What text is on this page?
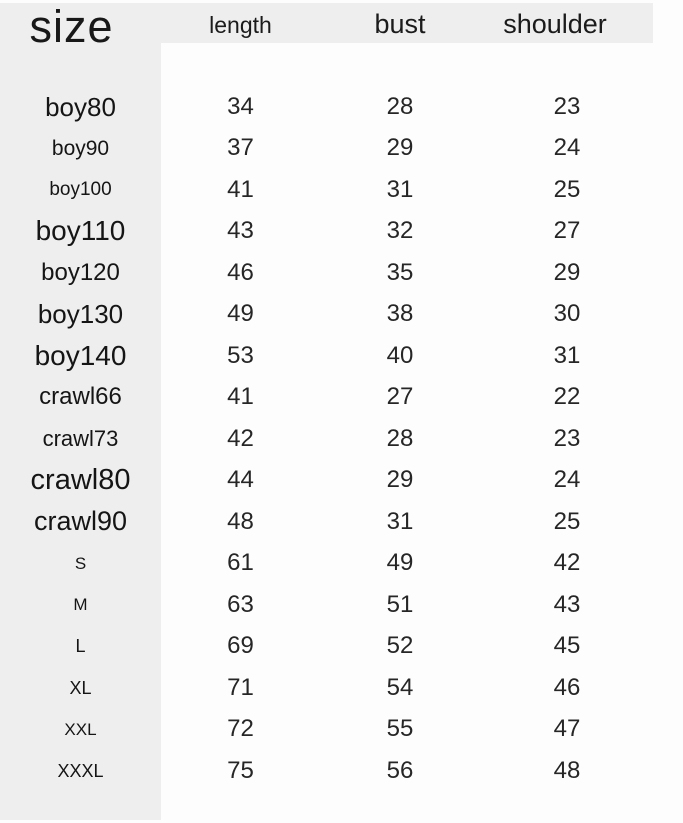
size	length	bust	shoulder
boy80	34	28	23
boy90	37	29	24
boy100	41	31	25
boy110	43	32	27
boy120	46	35	29
boy130	49	38	30
boy140	53	40	31
crawl66	41	27	22
crawl73	42	28	23
crawl80	44	29	24
crawl90	48	31	25
S	61	49	42
M	63	51	43
L	69	52	45
XL	71	54	46
XXL	72	55	47
XXXL	75	56	48
